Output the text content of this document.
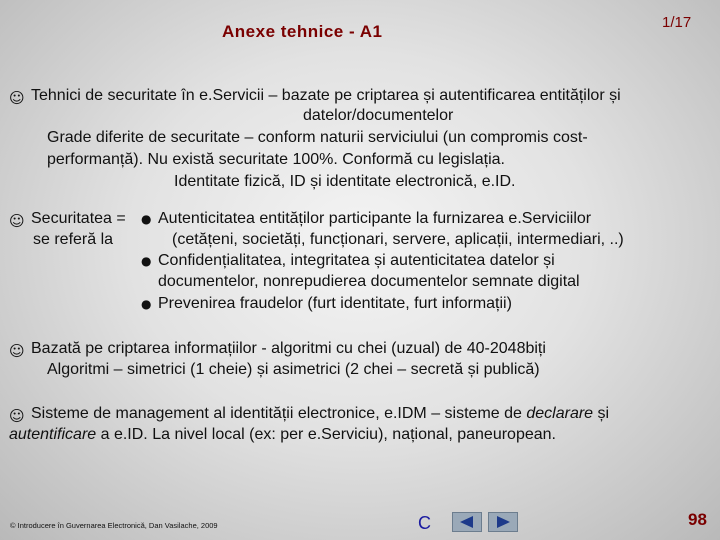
Anexe tehnice - A1	1/17
☺ Tehnici de securitate în e.Servicii – bazate pe criptarea și autentificarea entităților și
datelor/documentelor
Grade diferite de securitate – conform naturii serviciului (un compromis cost-
performanță). Nu există securitate 100%. Conformă cu legislația.
Identitate fizică, ID și identitate electronică, e.ID.
☺ Securitatea = ● Autenticitatea entităților participante la furnizarea e.Serviciilor
se referă la	(cetățeni, societăți, funcționari, servere, aplicații, intermediari, ..)
● Confidențialitatea, integritatea și autenticitatea datelor și
documentelor, nonrepudierea documentelor semnate digital
● Prevenirea fraudelor (furt identitate, furt informații)
☺ Bazată pe criptarea informațiilor - algoritmi cu chei (uzual) de 40-2048biți
Algoritmi – simetrici (1 cheie) și asimetrici (2 chei – secretă și publică)
☺ Sisteme de management al identității electronice, e.IDM – sisteme de declarare și
autentificare a e.ID. La nivel local (ex: per e.Serviciu), național, paneuropean.
© Introducere în Guvernarea Electronică, Dan Vasilache, 2009	C	98
